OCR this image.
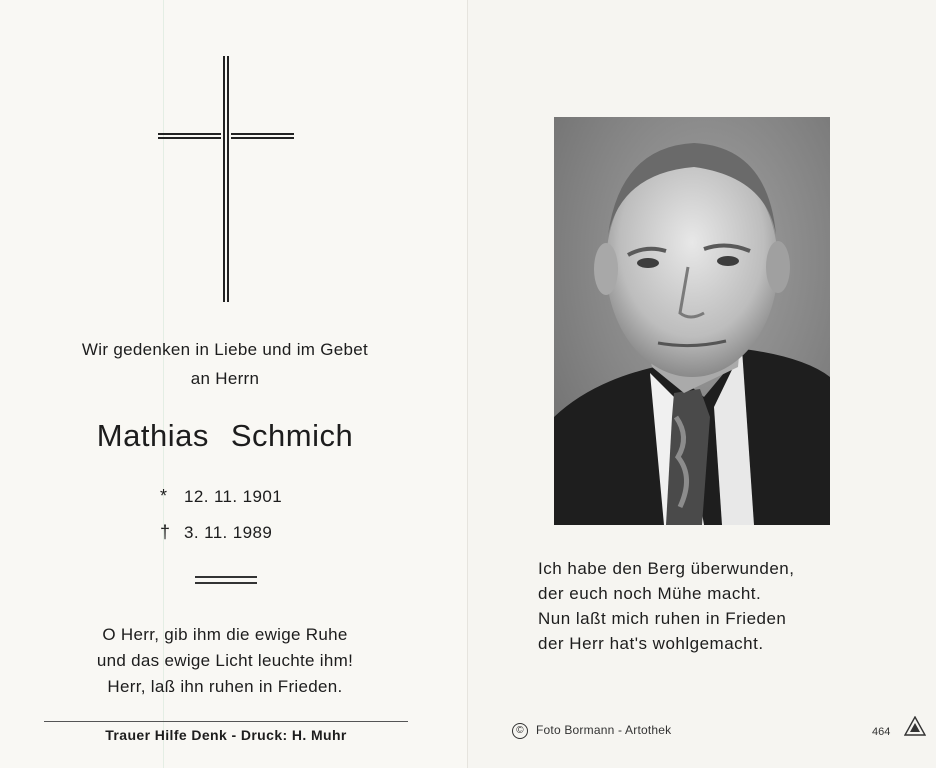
Wir gedenken in Liebe und im Gebet
an Herrn
Mathias Schmich
* 12. 11. 1901
† 3. 11. 1989
O Herr, gib ihm die ewige Ruhe
und das ewige Licht leuchte ihm!
Herr, laß ihn ruhen in Frieden.
Trauer Hilfe Denk - Druck: H. Muhr
Ich habe den Berg überwunden,
der euch noch Mühe macht.
Nun laßt mich ruhen in Frieden
der Herr hat's wohlgemacht.
© Foto Bormann - Artothek	464
